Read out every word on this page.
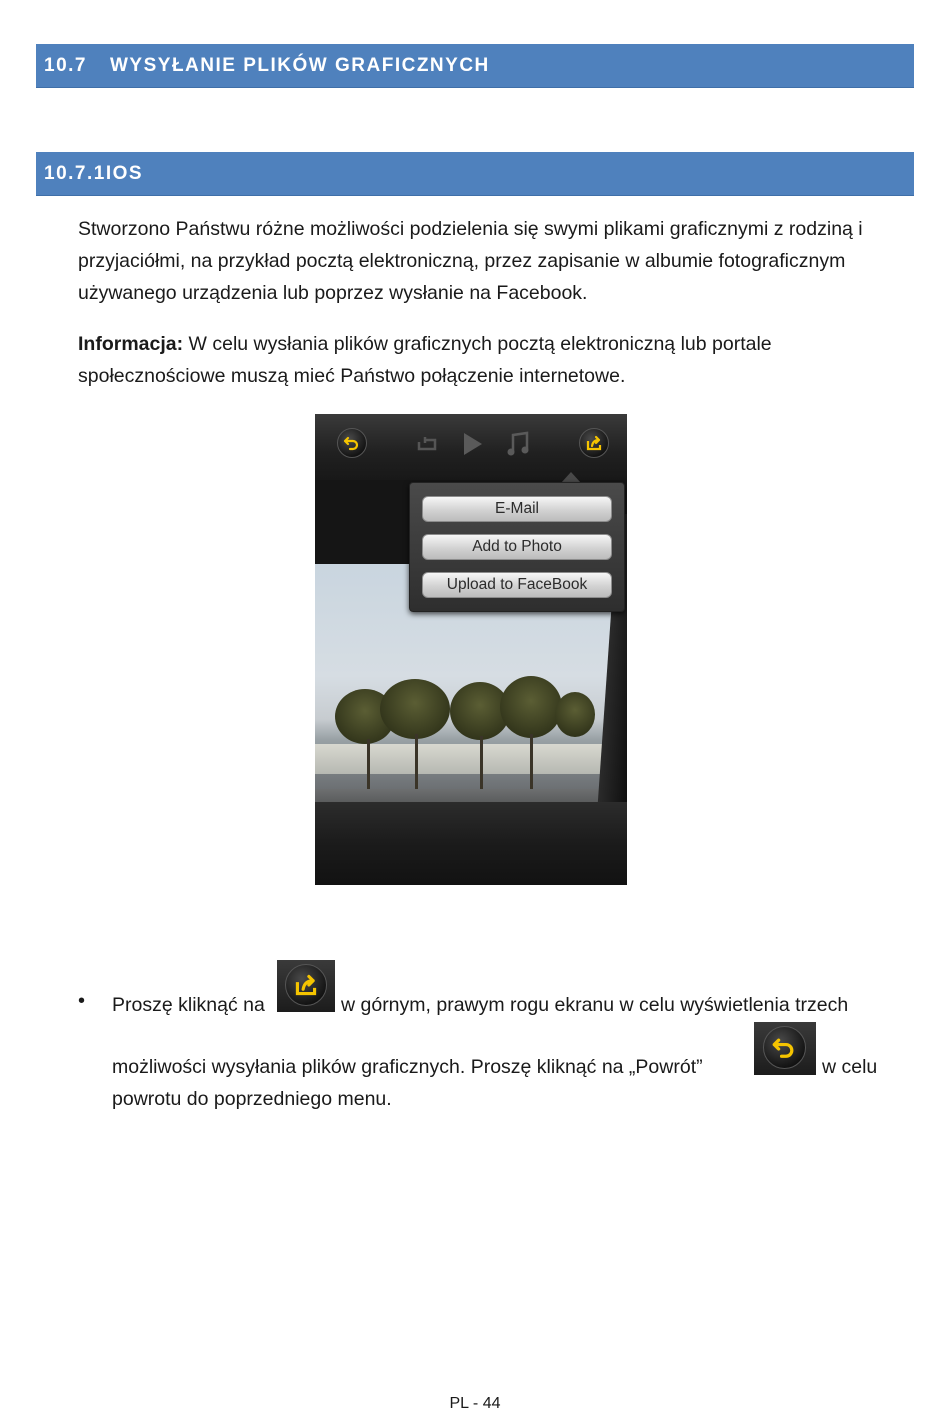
10.7 WYSYŁANIE PLIKÓW GRAFICZNYCH
10.7.1IOS

Stworzono Państwu różne możliwości podzielenia się swymi plikami graficznymi z rodziną i przyjaciółmi, na przykład pocztą elektroniczną, przez zapisanie w albumie fotograficznym używanego urządzenia lub poprzez wysłanie na Facebook.

Informacja: W celu wysłania plików graficznych pocztą elektroniczną lub portale społecznościowe muszą mieć Państwo połączenie internetowe.

E-Mail
Add to Photo
Upload to FaceBook
• Proszę kliknąć na	w górnym, prawym rogu ekranu w celu wyświetlenia trzech
możliwości wysyłania plików graficznych. Proszę kliknąć na „Powrót”	w celu
powrotu do poprzedniego menu.
PL - 44
